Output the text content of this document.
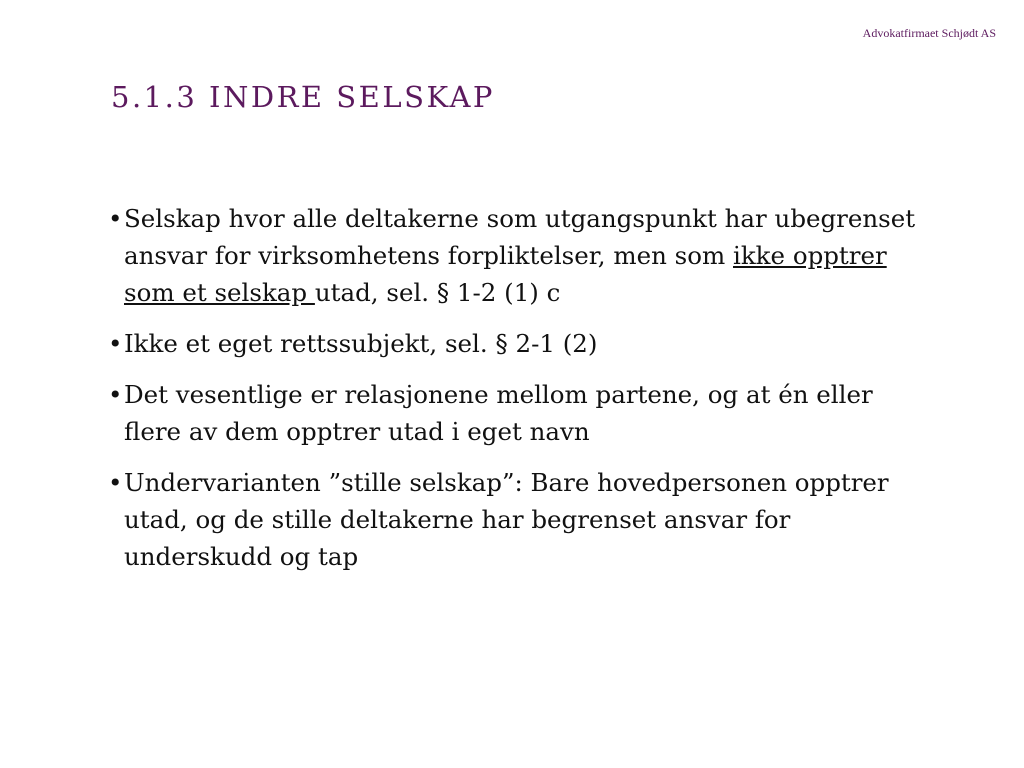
Advokatfirmaet Schjødt AS
5.1.3 INDRE SELSKAP
• Selskap hvor alle deltakerne som utgangspunkt har ubegrenset ansvar for virksomhetens forpliktelser, men som ikke opptrer som et selskap utad, sel. § 1-2 (1) c
• Ikke et eget rettssubjekt, sel. § 2-1 (2)
• Det vesentlige er relasjonene mellom partene, og at én eller flere av dem opptrer utad i eget navn
• Undervarianten ”stille selskap”: Bare hovedpersonen opptrer utad, og de stille deltakerne har begrenset ansvar for underskudd og tap
